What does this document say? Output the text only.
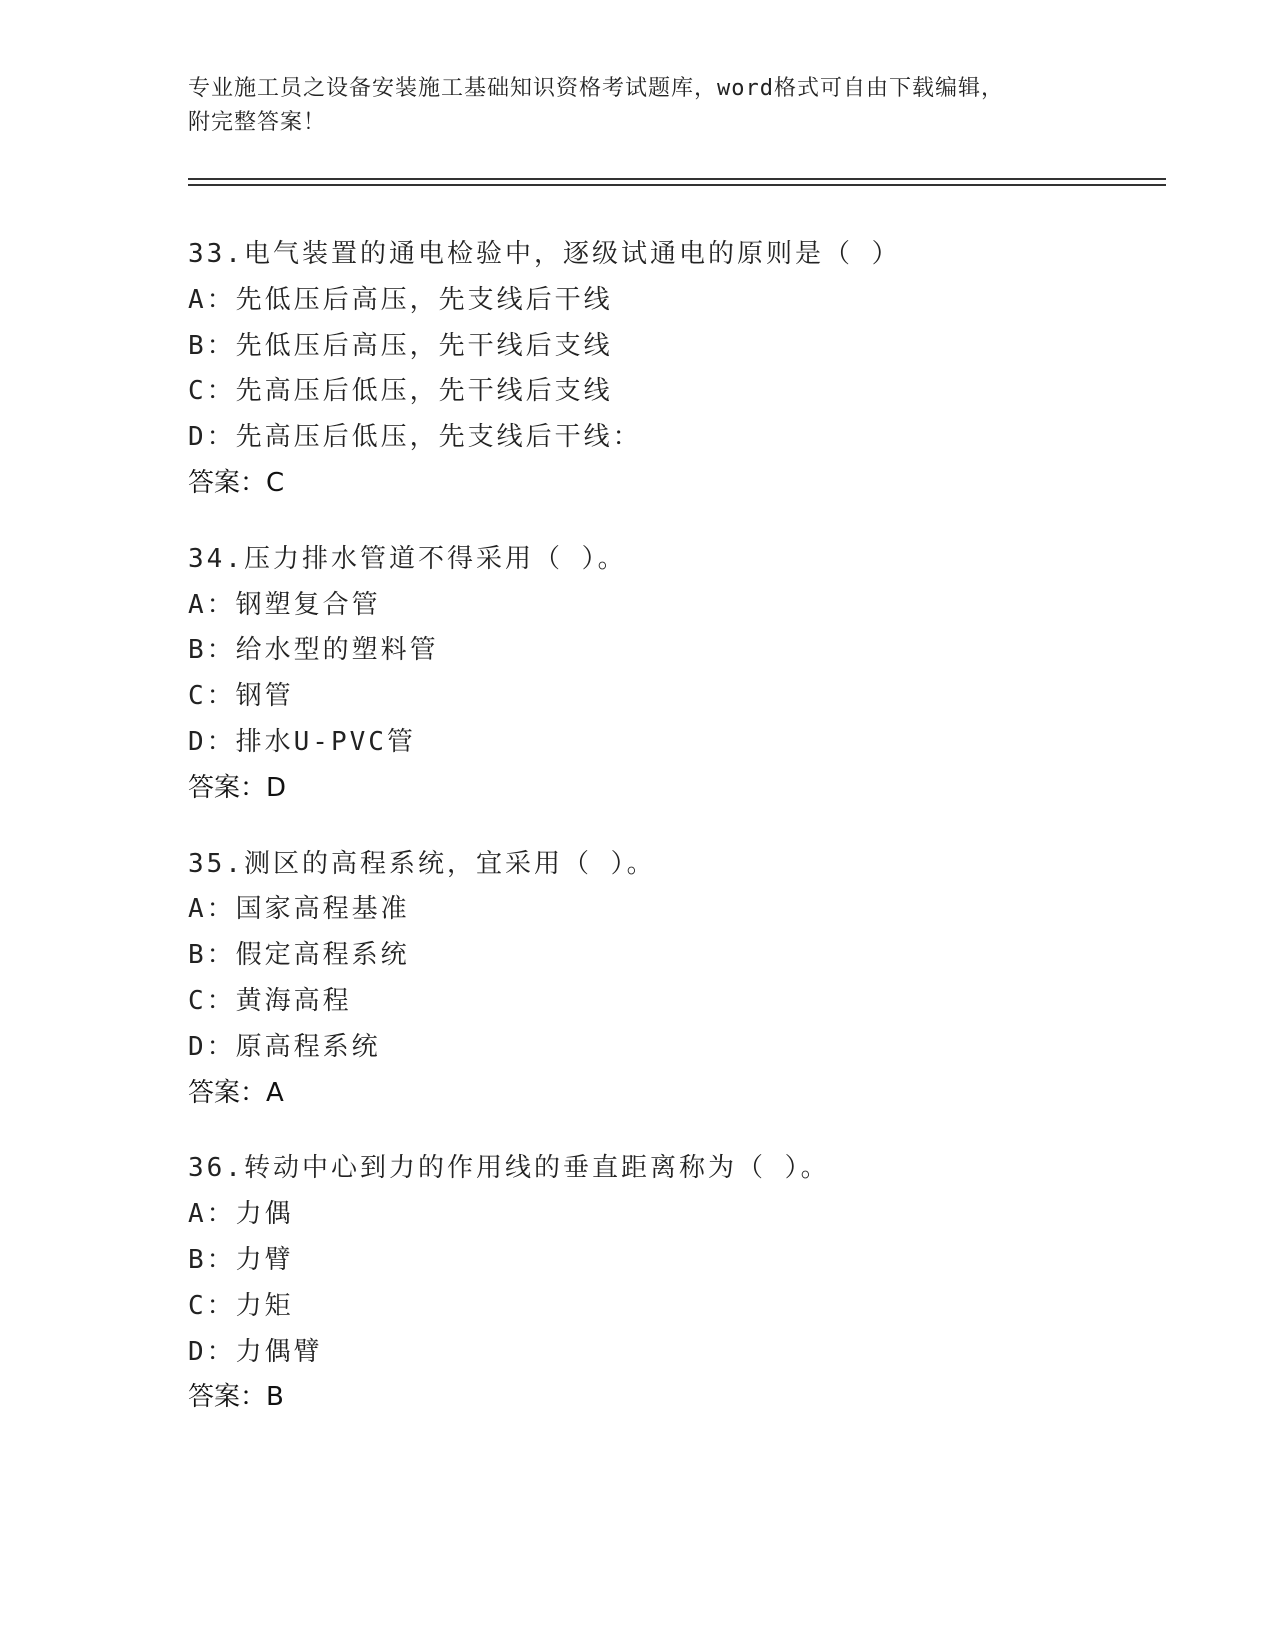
专业施工员之设备安装施工基础知识资格考试题库，word格式可自由下载编辑，
附完整答案！
33.电气装置的通电检验中，逐级试通电的原则是（ ）
A：先低压后高压，先支线后干线
B：先低压后高压，先干线后支线
C：先高压后低压，先干线后支线
D：先高压后低压，先支线后干线：
答案：C
34.压力排水管道不得采用（ ）。
A：钢塑复合管
B：给水型的塑料管
C：钢管
D：排水U-PVC管
答案：D
35.测区的高程系统，宜采用（ ）。
A：国家高程基准
B：假定高程系统
C：黄海高程
D：原高程系统
答案：A
36.转动中心到力的作用线的垂直距离称为（ ）。
A：力偶
B：力臂
C：力矩
D：力偶臂
答案：B
